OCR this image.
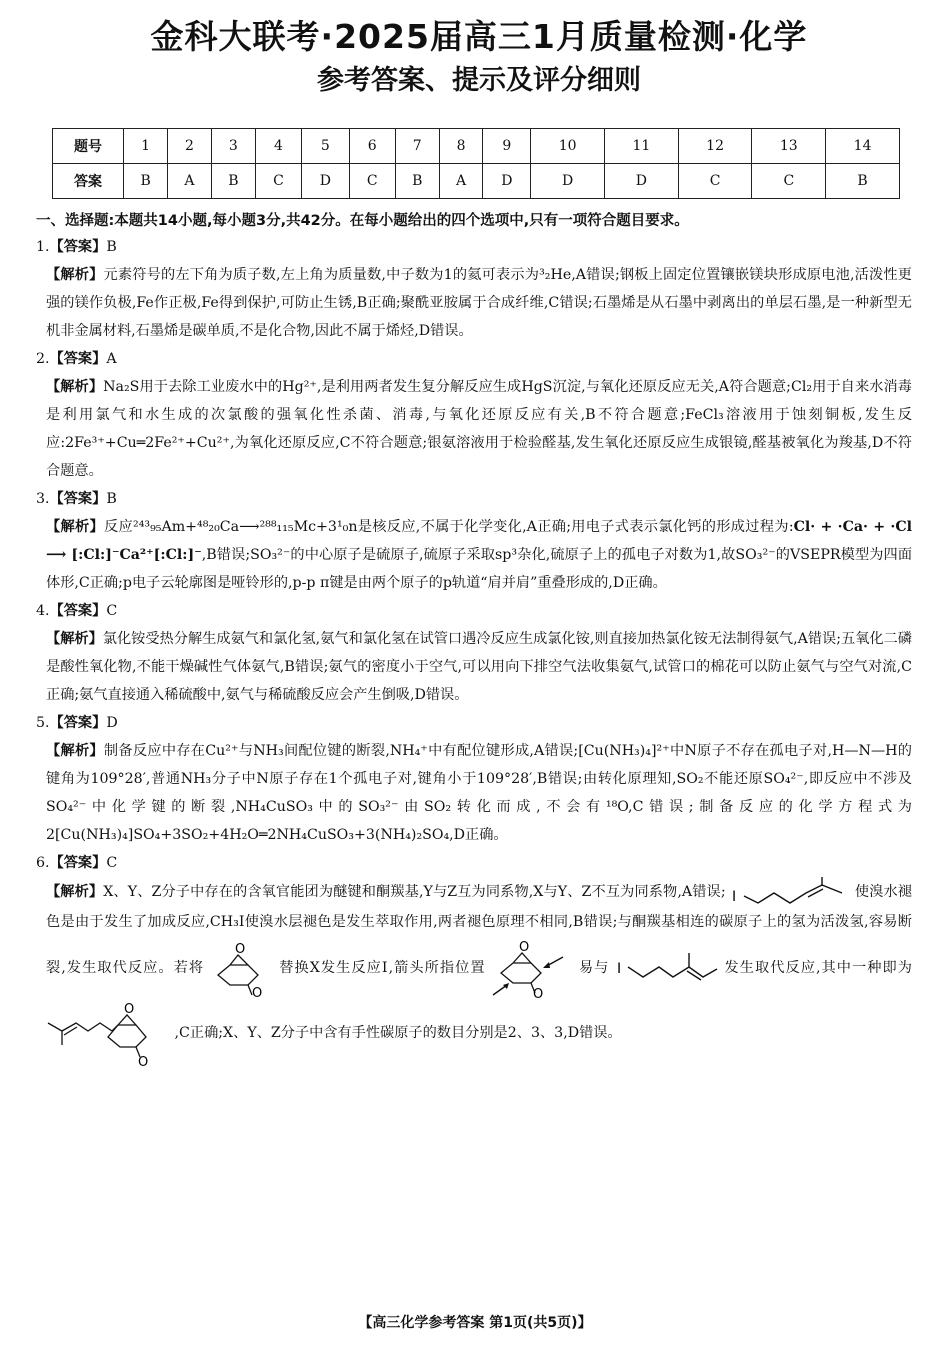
金科大联考·2025届高三1月质量检测·化学
参考答案、提示及评分细则
题号	1	2	3	4	5	6	7	8	9	10	11	12	13	14
答案	B	A	B	C	D	C	B	A	D	D	D	C	C	B
一、选择题:本题共14小题,每小题3分,共42分。在每小题给出的四个选项中,只有一项符合题目要求。
1.【答案】B
【解析】元素符号的左下角为质子数,左上角为质量数,中子数为1的氦可表示为³₂He,A错误;钢板上固定位置镶嵌镁块形成原电池,活泼性更强的镁作负极,Fe作正极,Fe得到保护,可防止生锈,B正确;聚酰亚胺属于合成纤维,C错误;石墨烯是从石墨中剥离出的单层石墨,是一种新型无机非金属材料,石墨烯是碳单质,不是化合物,因此不属于烯烃,D错误。
2.【答案】A
【解析】Na₂S用于去除工业废水中的Hg²⁺,是利用两者发生复分解反应生成HgS沉淀,与氧化还原反应无关,A符合题意;Cl₂用于自来水消毒是利用氯气和水生成的次氯酸的强氧化性杀菌、消毒,与氧化还原反应有关,B不符合题意;FeCl₃溶液用于蚀刻铜板,发生反应:2Fe³⁺+Cu═2Fe²⁺+Cu²⁺,为氧化还原反应,C不符合题意;银氨溶液用于检验醛基,发生氧化还原反应生成银镜,醛基被氧化为羧基,D不符合题意。
3.【答案】B
【解析】反应²⁴³₉₅Am+⁴⁸₂₀Ca⟶²⁸⁸₁₁₅Mc+3¹₀n是核反应,不属于化学变化,A正确;用电子式表示氯化钙的形成过程为:Cl· + ·Ca· + ·Cl ⟶ [:Cl:]⁻Ca²⁺[:Cl:]⁻,B错误;SO₃²⁻的中心原子是硫原子,硫原子采取sp³杂化,硫原子上的孤电子对数为1,故SO₃²⁻的VSEPR模型为四面体形,C正确;p电子云轮廓图是哑铃形的,p-p π键是由两个原子的p轨道“肩并肩”重叠形成的,D正确。
4.【答案】C
【解析】氯化铵受热分解生成氨气和氯化氢,氨气和氯化氢在试管口遇冷反应生成氯化铵,则直接加热氯化铵无法制得氨气,A错误;五氧化二磷是酸性氧化物,不能干燥碱性气体氨气,B错误;氨气的密度小于空气,可以用向下排空气法收集氨气,试管口的棉花可以防止氨气与空气对流,C正确;氨气直接通入稀硫酸中,氨气与稀硫酸反应会产生倒吸,D错误。
5.【答案】D
【解析】制备反应中存在Cu²⁺与NH₃间配位键的断裂,NH₄⁺中有配位键形成,A错误;[Cu(NH₃)₄]²⁺中N原子不存在孤电子对,H—N—H的键角为109°28′,普通NH₃分子中N原子存在1个孤电子对,键角小于109°28′,B错误;由转化原理知,SO₂不能还原SO₄²⁻,即反应中不涉及SO₄²⁻中化学键的断裂,NH₄CuSO₃中的SO₃²⁻由SO₂转化而成,不会有¹⁸O,C错误;制备反应的化学方程式为2[Cu(NH₃)₄]SO₄+3SO₂+4H₂O═2NH₄CuSO₃+3(NH₄)₂SO₄,D正确。
6.【答案】C
【解析】X、Y、Z分子中存在的含氧官能团为醚键和酮羰基,Y与Z互为同系物,X与Y、Z不互为同系物,A错误; I	使溴水褪色是由于发生了加成反应,CH₃I使溴水层褪色是发生萃取作用,两者褪色原理不相同,B错误;与酮羰基相连的碳原子上的氢为活泼氢,容易断裂,发生取代反应。若将
O
O
替换X发生反应Ⅰ,箭头所指位置
O
O
易与 I	发生取代反应,其中一种即为
O
O
,C正确;X、Y、Z分子中含有手性碳原子的数目分别是2、3、3,D错误。
【高三化学参考答案 第1页(共5页)】
